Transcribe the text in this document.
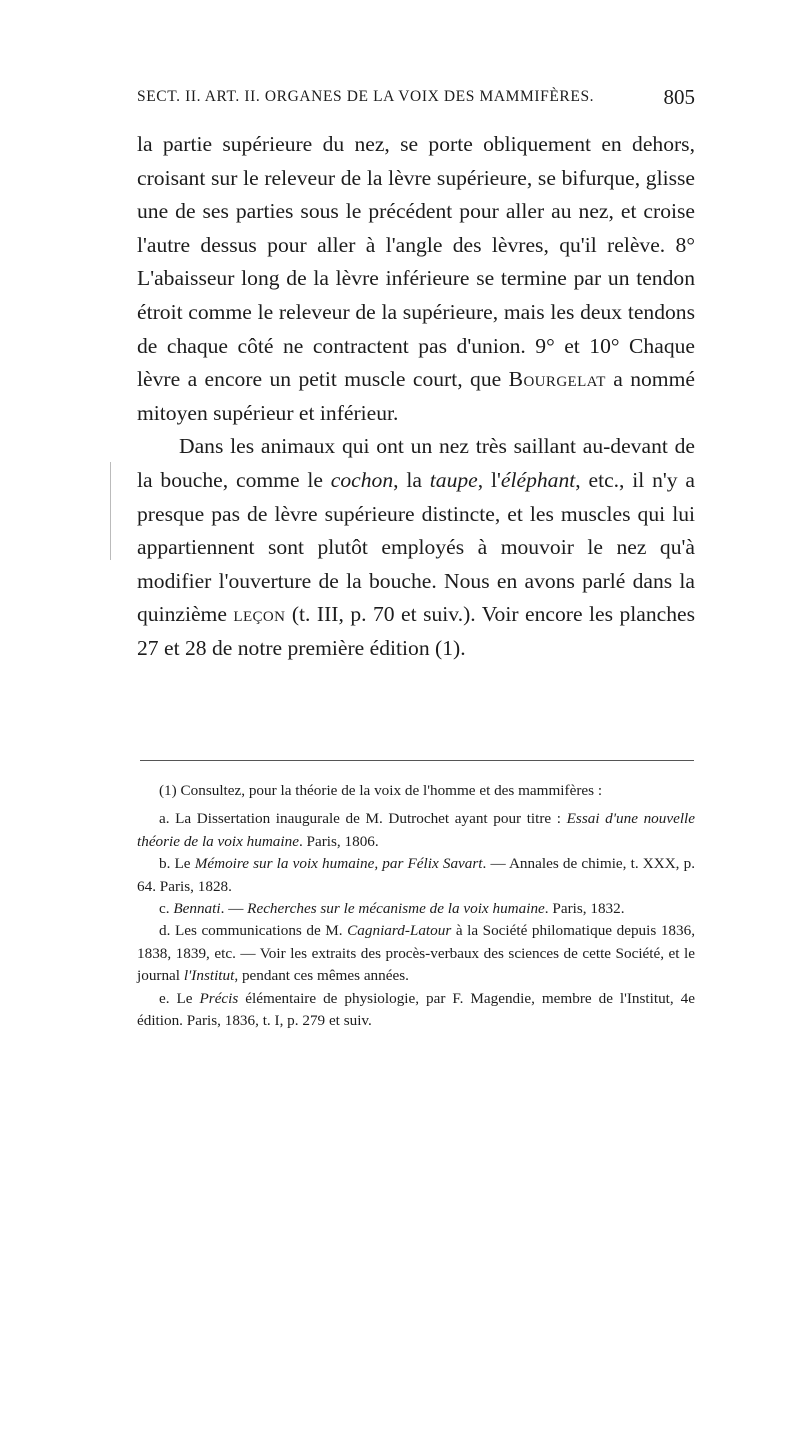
SECT. II. ART. II. ORGANES DE LA VOIX DES MAMMIFÈRES.	805

la partie supérieure du nez, se porte obliquement en dehors, croisant sur le releveur de la lèvre supérieure, se bifurque, glisse une de ses parties sous le précédent pour aller au nez, et croise l'autre dessus pour aller à l'angle des lèvres, qu'il relève. 8° L'abaisseur long de la lèvre inférieure se termine par un tendon étroit comme le releveur de la supérieure, mais les deux tendons de chaque côté ne contractent pas d'union. 9° et 10° Chaque lèvre a encore un petit muscle court, que Bourgelat a nommé mitoyen supérieur et inférieur.

Dans les animaux qui ont un nez très saillant au-devant de la bouche, comme le cochon, la taupe, l'éléphant, etc., il n'y a presque pas de lèvre supérieure distincte, et les muscles qui lui appartiennent sont plutôt employés à mouvoir le nez qu'à modifier l'ouverture de la bouche. Nous en avons parlé dans la quinzième leçon (t. III, p. 70 et suiv.). Voir encore les planches 27 et 28 de notre première édition (1).

(1) Consultez, pour la théorie de la voix de l'homme et des mammifères :

a. La Dissertation inaugurale de M. Dutrochet ayant pour titre : Essai d'une nouvelle théorie de la voix humaine. Paris, 1806.

b. Le Mémoire sur la voix humaine, par Félix Savart. — Annales de chimie, t. XXX, p. 64. Paris, 1828.

c. Bennati. — Recherches sur le mécanisme de la voix humaine. Paris, 1832.

d. Les communications de M. Cagniard-Latour à la Société philomatique depuis 1836, 1838, 1839, etc. — Voir les extraits des procès-verbaux des sciences de cette Société, et le journal l'Institut, pendant ces mêmes années.

e. Le Précis élémentaire de physiologie, par F. Magendie, membre de l'Institut, 4e édition. Paris, 1836, t. I, p. 279 et suiv.
